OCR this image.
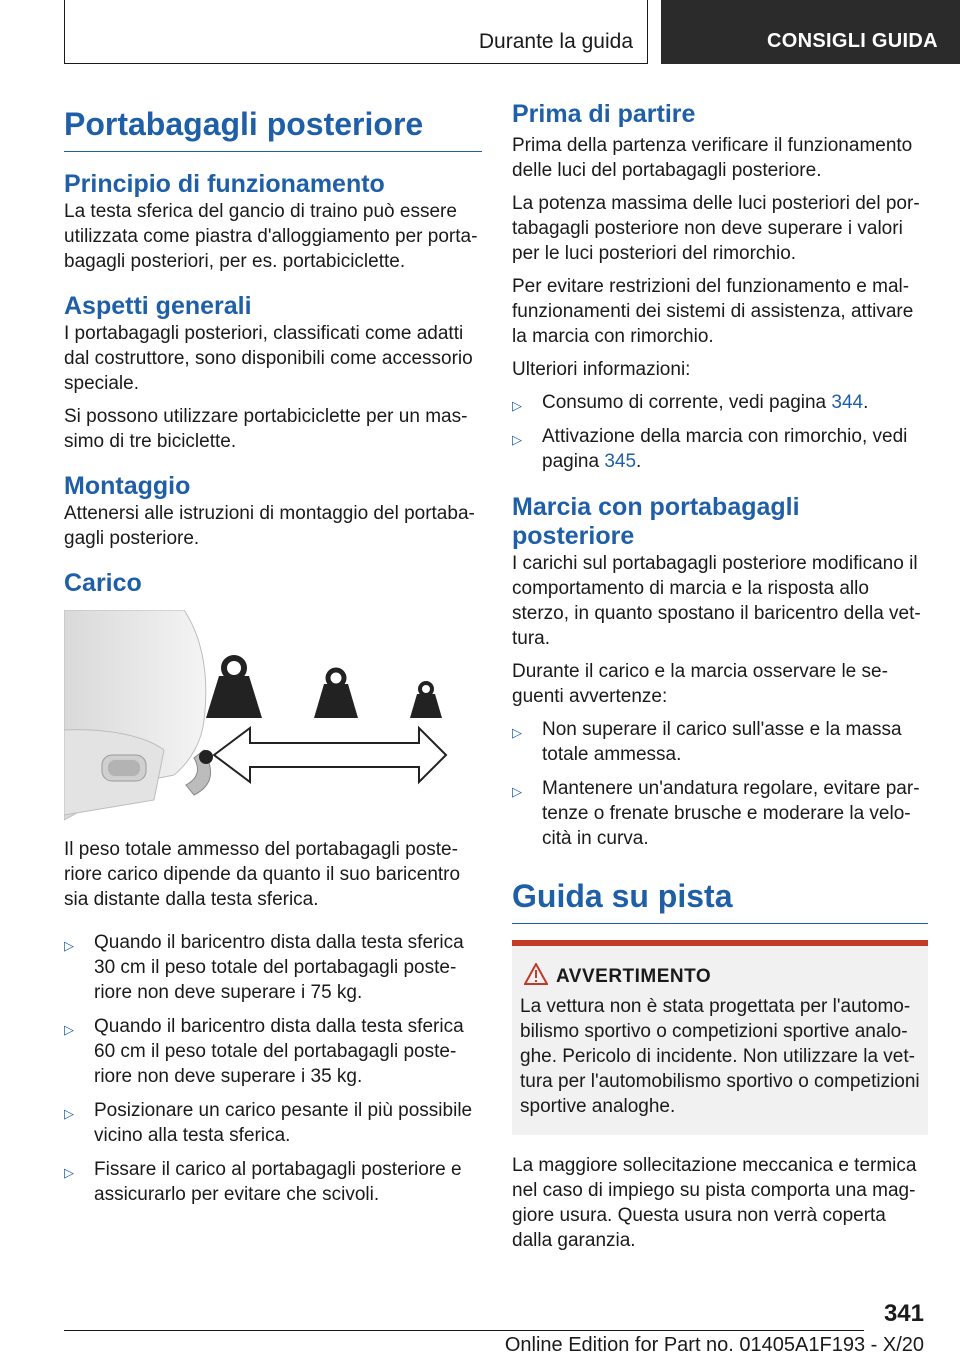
Durante la guida	CONSIGLI GUIDA
Portabagagli posteriore
Principio di funzionamento

La testa sferica del gancio di traino può essere utilizzata come piastra d'alloggiamento per portabagagli posteriori, per es. portabiciclette.

Aspetti generali

I portabagagli posteriori, classificati come adatti dal costruttore, sono disponibili come accessorio speciale.

Si possono utilizzare portabiciclette per un massimo di tre biciclette.

Montaggio

Attenersi alle istruzioni di montaggio del portabagagli posteriore.

Carico

Il peso totale ammesso del portabagagli posteriore carico dipende da quanto il suo baricentro sia distante dalla testa sferica.

▷ Quando il baricentro dista dalla testa sferica 30 cm il peso totale del portabagagli posteriore non deve superare i 75 kg.
▷ Quando il baricentro dista dalla testa sferica 60 cm il peso totale del portabagagli posteriore non deve superare i 35 kg.
▷ Posizionare un carico pesante il più possibile vicino alla testa sferica.
▷ Fissare il carico al portabagagli posteriore e assicurarlo per evitare che scivoli.
Prima di partire

Prima della partenza verificare il funzionamento delle luci del portabagagli posteriore.

La potenza massima delle luci posteriori del portabagagli posteriore non deve superare i valori per le luci posteriori del rimorchio.

Per evitare restrizioni del funzionamento e malfunzionamenti dei sistemi di assistenza, attivare la marcia con rimorchio.

Ulteriori informazioni:

▷ Consumo di corrente, vedi pagina 344.
▷ Attivazione della marcia con rimorchio, vedi pagina 345.
Marcia con portabagagli posteriore

I carichi sul portabagagli posteriore modificano il comportamento di marcia e la risposta allo sterzo, in quanto spostano il baricentro della vettura.

Durante il carico e la marcia osservare le seguenti avvertenze:

▷ Non superare il carico sull'asse e la massa totale ammessa.
▷ Mantenere un'andatura regolare, evitare partenze o frenate brusche e moderare la velocità in curva.
Guida su pista
AVVERTIMENTO

La vettura non è stata progettata per l'automobilismo sportivo o competizioni sportive analoghe. Pericolo di incidente. Non utilizzare la vettura per l'automobilismo sportivo o competizioni sportive analoghe.

La maggiore sollecitazione meccanica e termica nel caso di impiego su pista comporta una maggiore usura. Questa usura non verrà coperta dalla garanzia.

341
Online Edition for Part no. 01405A1F193 - X/20
